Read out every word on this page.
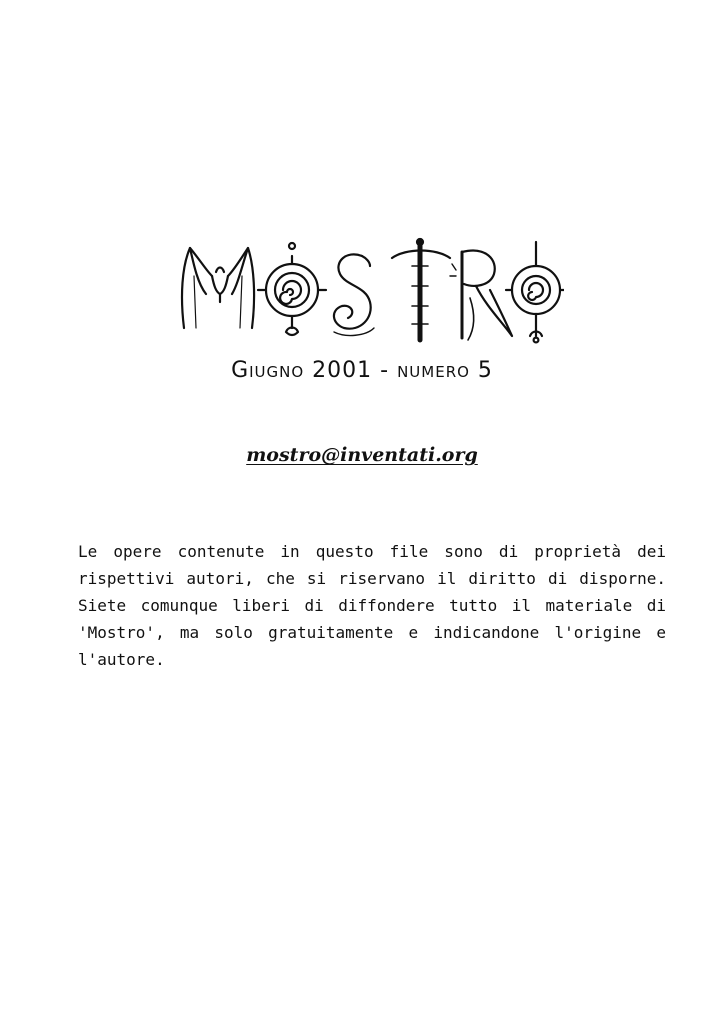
Giugno 2001 - numero 5
mostro@inventati.org

Le opere contenute in questo file sono di proprietà dei rispettivi autori, che si riservano il diritto di disporne. Siete comunque liberi di diffondere tutto il materiale di 'Mostro', ma solo gratuitamente e indicandone l'origine e l'autore.
